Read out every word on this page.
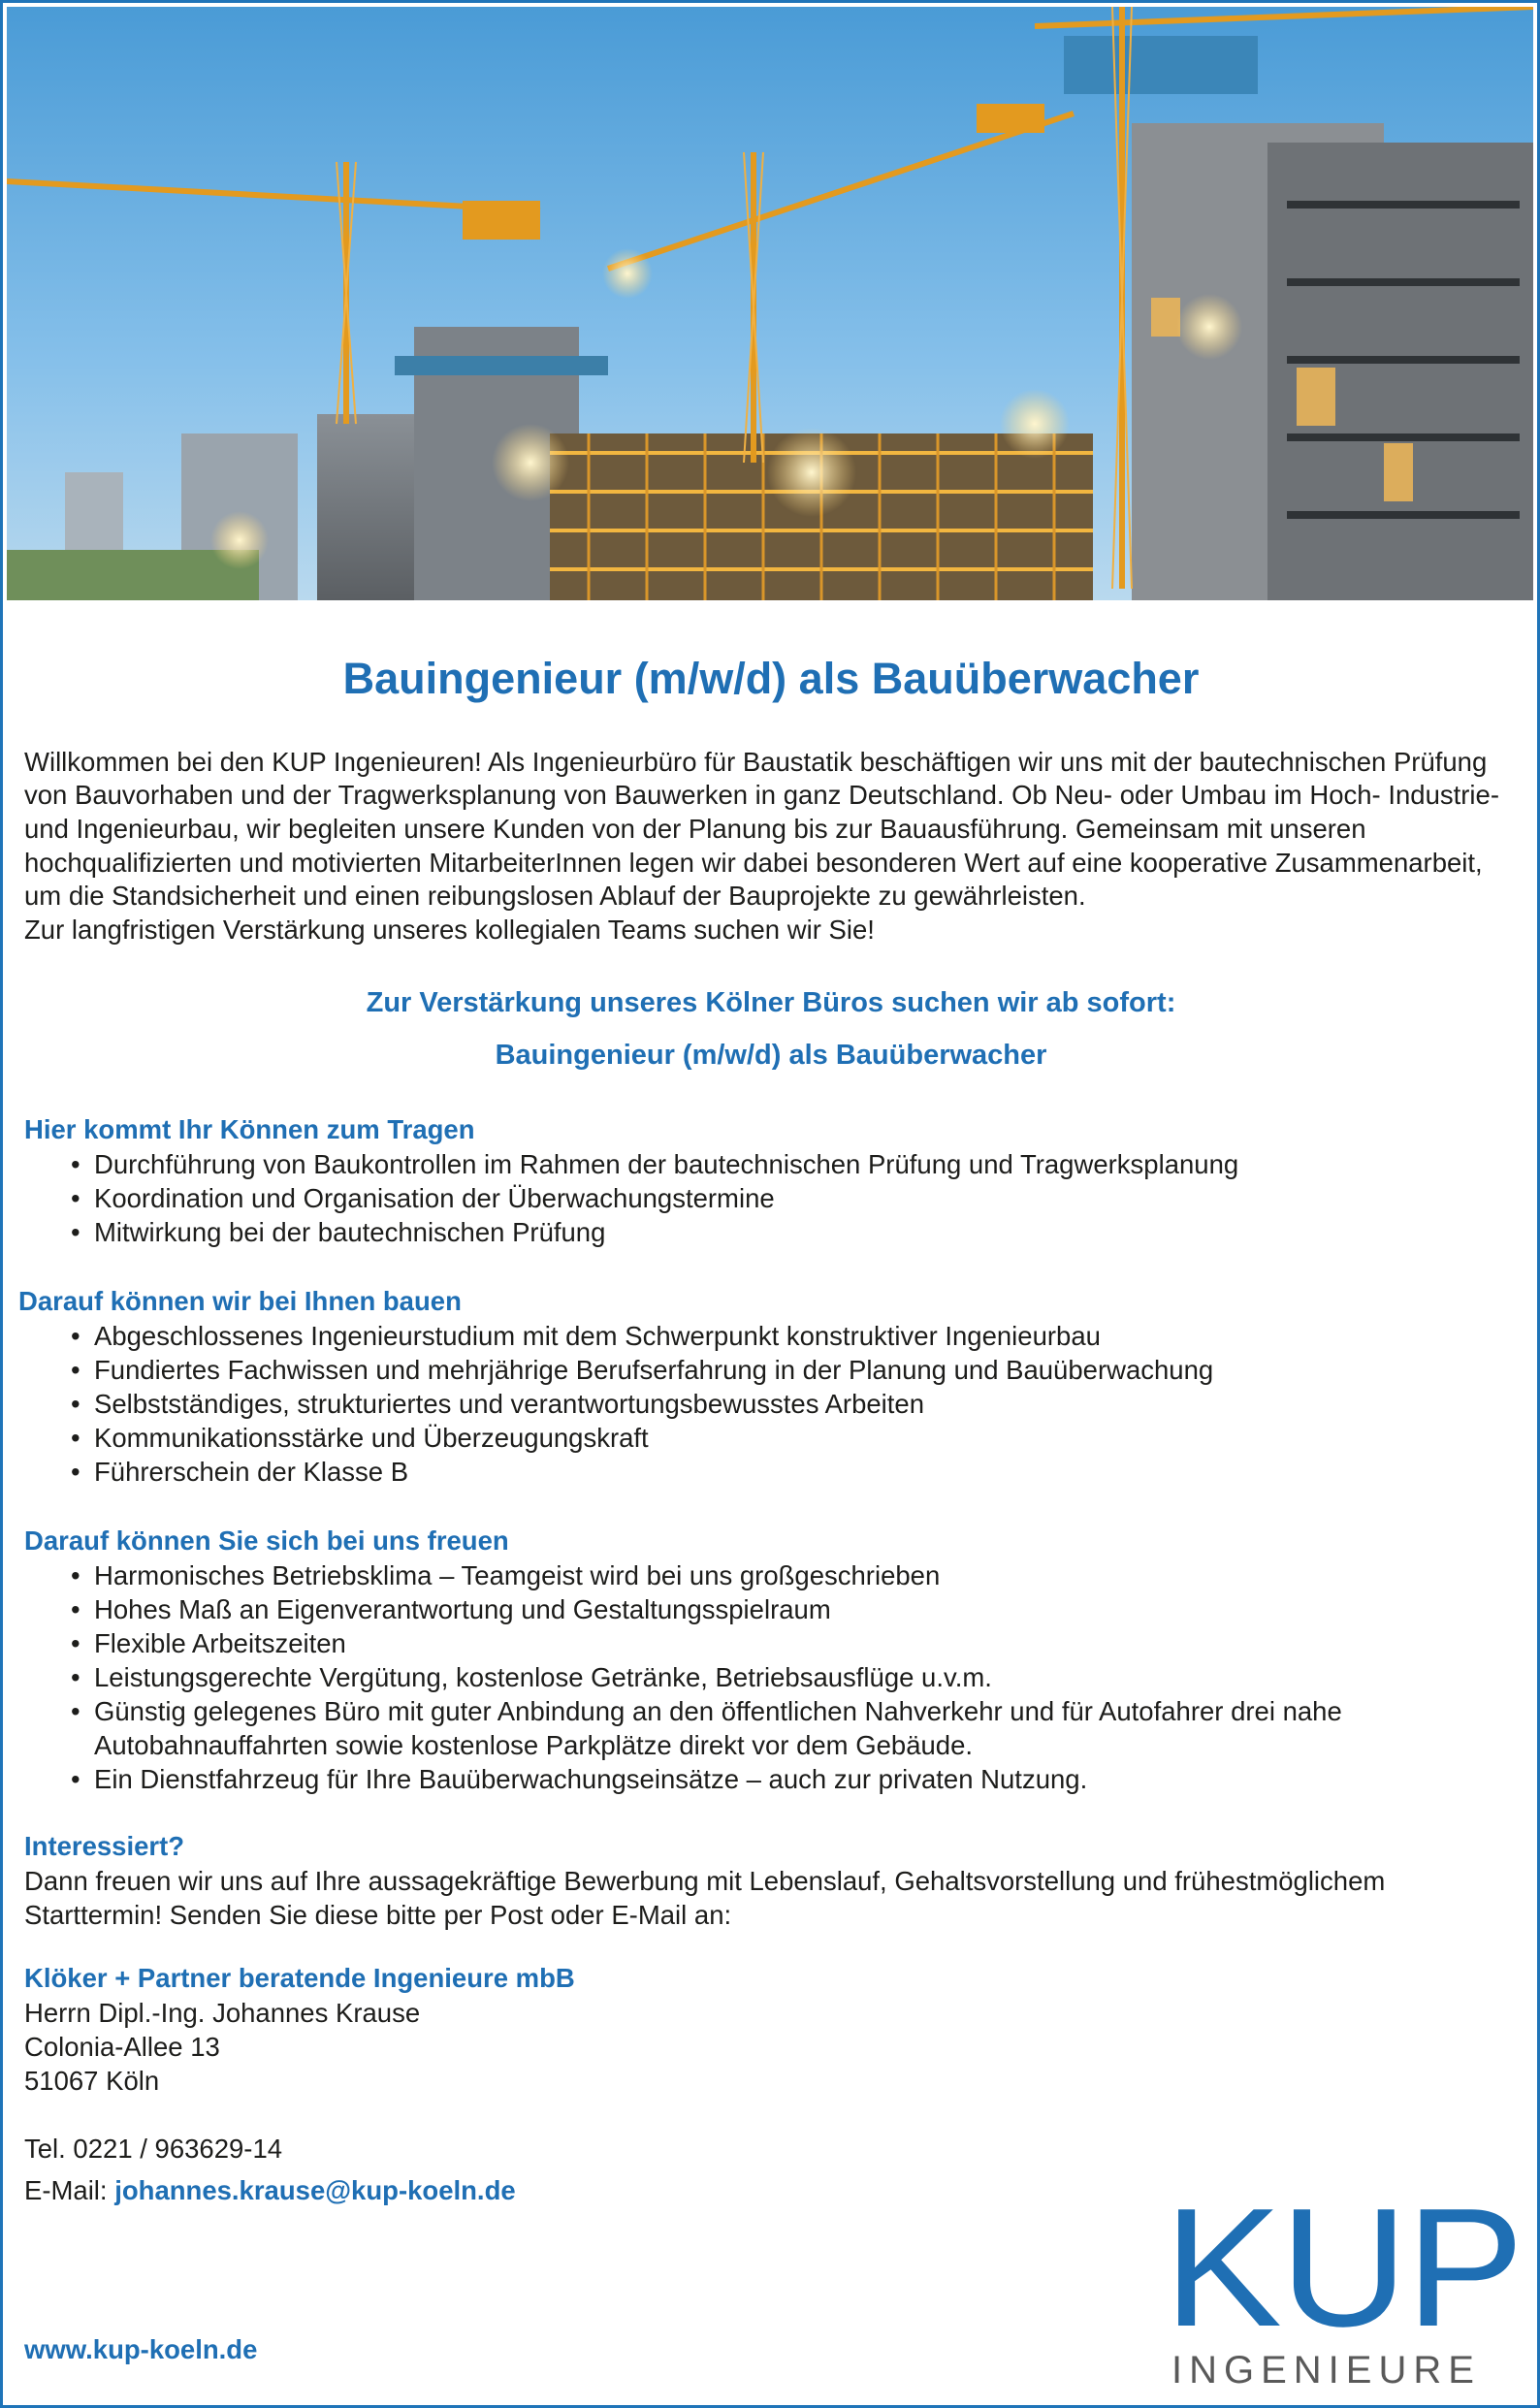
Bauingenieur (m/w/d) als Bauüberwacher

Willkommen bei den KUP Ingenieuren! Als Ingenieurbüro für Baustatik beschäftigen wir uns mit der bautechnischen Prüfung von Bauvorhaben und der Tragwerksplanung von Bauwerken in ganz Deutschland. Ob Neu- oder Umbau im Hoch- Industrie- und Ingenieurbau, wir begleiten unsere Kunden von der Planung bis zur Bauausführung. Gemeinsam mit unseren hochqualifizierten und motivierten MitarbeiterInnen legen wir dabei besonderen Wert auf eine kooperative Zusammenarbeit, um die Standsicherheit und einen reibungslosen Ablauf der Bauprojekte zu gewährleisten.

Zur langfristigen Verstärkung unseres kollegialen Teams suchen wir Sie!

Zur Verstärkung unseres Kölner Büros suchen wir ab sofort:
Bauingenieur (m/w/d) als Bauüberwacher
Hier kommt Ihr Können zum Tragen
• Durchführung von Baukontrollen im Rahmen der bautechnischen Prüfung und Tragwerksplanung
• Koordination und Organisation der Überwachungstermine
• Mitwirkung bei der bautechnischen Prüfung
Darauf können wir bei Ihnen bauen
• Abgeschlossenes Ingenieurstudium mit dem Schwerpunkt konstruktiver Ingenieurbau
• Fundiertes Fachwissen und mehrjährige Berufserfahrung in der Planung und Bauüberwachung
• Selbstständiges, strukturiertes und verantwortungsbewusstes Arbeiten
• Kommunikationsstärke und Überzeugungskraft
• Führerschein der Klasse B
Darauf können Sie sich bei uns freuen
• Harmonisches Betriebsklima – Teamgeist wird bei uns großgeschrieben
• Hohes Maß an Eigenverantwortung und Gestaltungsspielraum
• Flexible Arbeitszeiten
• Leistungsgerechte Vergütung, kostenlose Getränke, Betriebsausflüge u.v.m.
• Günstig gelegenes Büro mit guter Anbindung an den öffentlichen Nahverkehr und für Autofahrer drei nahe Autobahnauffahrten sowie kostenlose Parkplätze direkt vor dem Gebäude.
• Ein Dienstfahrzeug für Ihre Bauüberwachungseinsätze – auch zur privaten Nutzung.
Interessiert?

Dann freuen wir uns auf Ihre aussagekräftige Bewerbung mit Lebenslauf, Gehaltsvorstellung und frühestmöglichem Starttermin! Senden Sie diese bitte per Post oder E-Mail an:

Klöker + Partner beratende Ingenieure mbB
Herrn Dipl.-Ing. Johannes Krause
Colonia-Allee 13
51067 Köln
Tel. 0221 / 963629-14
E-Mail: johannes.krause@kup-koeln.de
www.kup-koeln.de	KUP
INGENIEURE
